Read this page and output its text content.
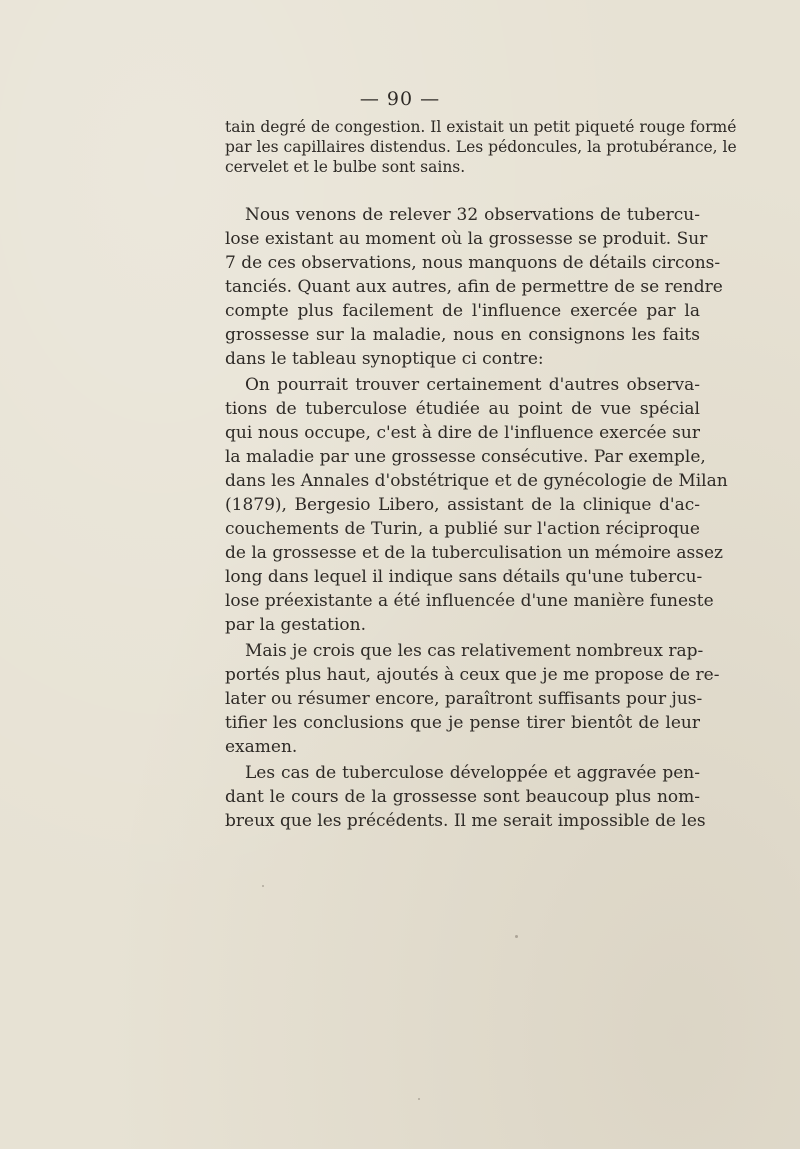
— 90 —
tain degré de congestion. Il existait un petit piqueté rouge formé
par les capillaires distendus. Les pédoncules, la protubérance, le
cervelet et le bulbe sont sains.
Nous venons de relever 32 observations de tubercu-
lose existant au moment où la grossesse se produit. Sur
7 de ces observations, nous manquons de détails circons-
tanciés. Quant aux autres, afin de permettre de se rendre
compte plus facilement de l'influence exercée par la
grossesse sur la maladie, nous en consignons les faits
dans le tableau synoptique ci contre:
On pourrait trouver certainement d'autres observa-
tions de tuberculose étudiée au point de vue spécial
qui nous occupe, c'est à dire de l'influence exercée sur
la maladie par une grossesse consécutive. Par exemple,
dans les Annales d'obstétrique et de gynécologie de Milan
(1879), Bergesio Libero, assistant de la clinique d'ac-
couchements de Turin, a publié sur l'action réciproque
de la grossesse et de la tuberculisation un mémoire assez
long dans lequel il indique sans détails qu'une tubercu-
lose préexistante a été influencée d'une manière funeste
par la gestation.
Mais je crois que les cas relativement nombreux rap-
portés plus haut, ajoutés à ceux que je me propose de re-
later ou résumer encore, paraîtront suffisants pour jus-
tifier les conclusions que je pense tirer bientôt de leur
examen.
Les cas de tuberculose développée et aggravée pen-
dant le cours de la grossesse sont beaucoup plus nom-
breux que les précédents. Il me serait impossible de les
